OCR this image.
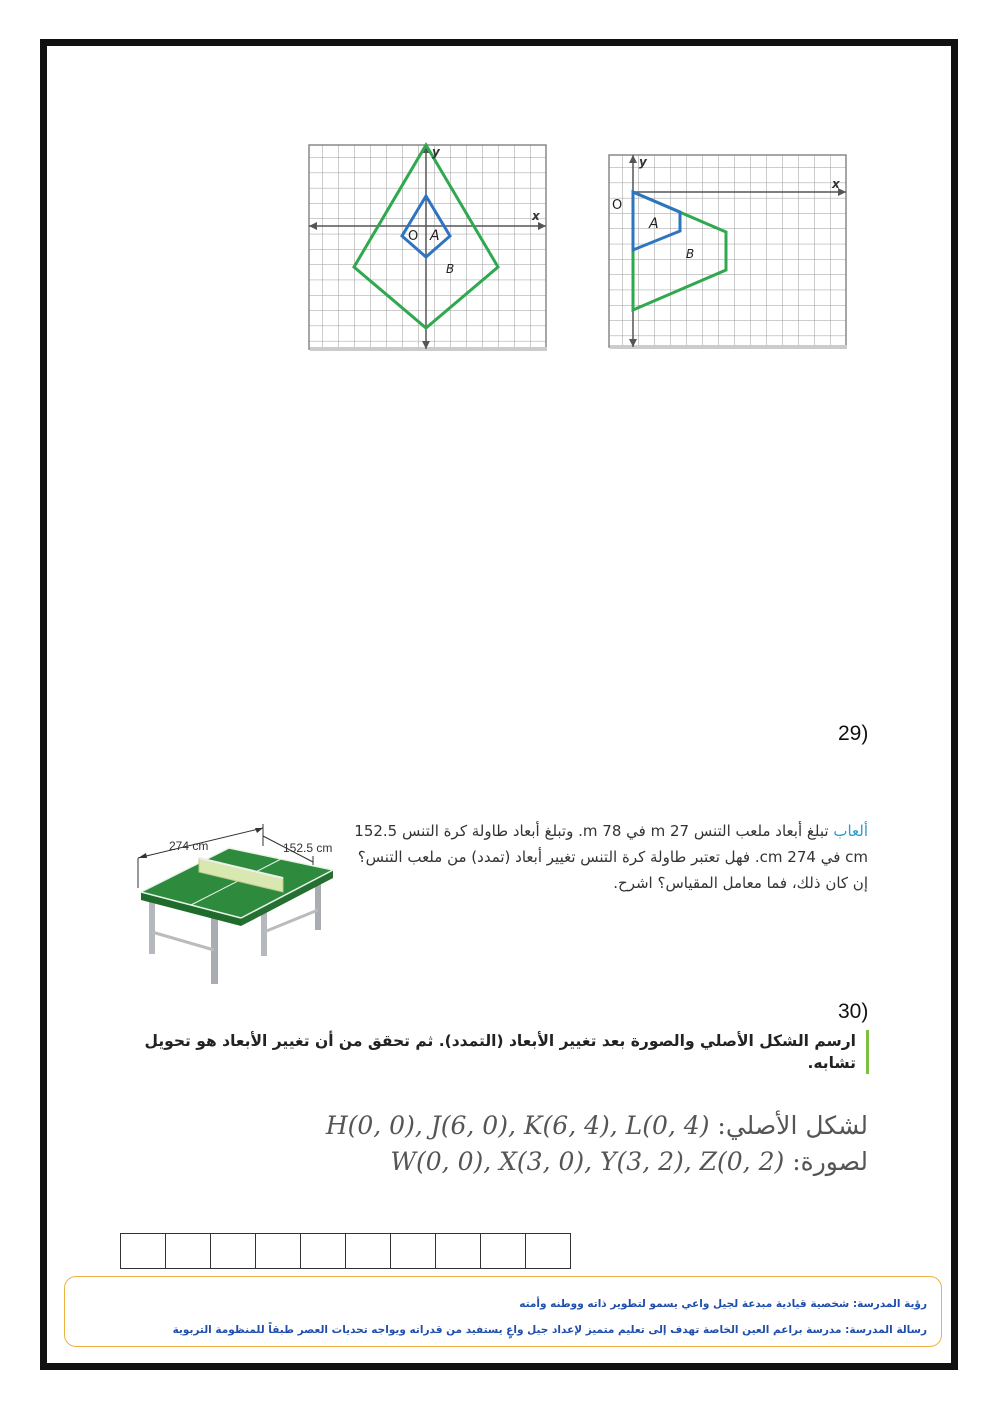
y
x
O A
B
y
x
O
A
B
29)
274 cm	152.5 cm
ألعاب تبلغ أبعاد ملعب التنس 27 m في 78 m. وتبلغ أبعاد طاولة كرة التنس 152.5 cm في 274 cm. فهل تعتبر طاولة كرة التنس تغيير أبعاد (تمدد) من ملعب التنس؟ إن كان ذلك، فما معامل المقياس؟ اشرح.
30)
ارسم الشكل الأصلي والصورة بعد تغيير الأبعاد (التمدد). ثم تحقق من أن تغيير الأبعاد هو تحويل تشابه.
لشكل الأصلي: H(0, 0), J(6, 0), K(6, 4), L(0, 4)
لصورة: W(0, 0), X(3, 0), Y(3, 2), Z(0, 2)
رؤية المدرسة: شخصية قيادية مبدعة لجيل واعي يسمو لتطوير ذاته ووطنه وأمته
رسالة المدرسة: مدرسة براعم العين الخاصة تهدف إلى تعليم متميز لإعداد جيل واعٍ يستفيد من قدراته ويواجه تحديات العصر طبقاً للمنظومة التربوية
